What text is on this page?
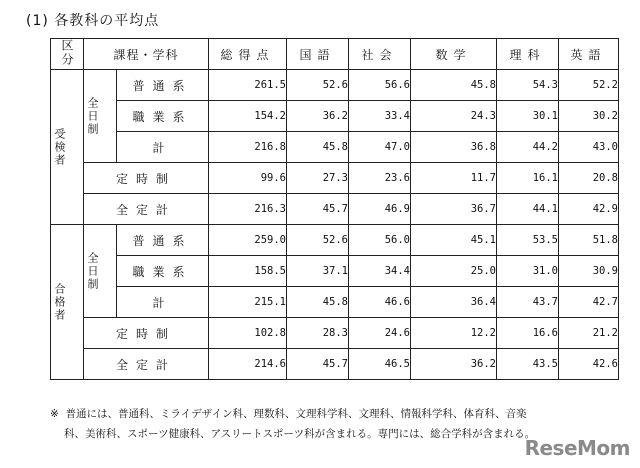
(1) 各教科の平均点
区分	課程・学科		総得点	国語	社会	数学	理科	英語

受検者	全日制	普通系	261.5	52.6	56.6	45.8	54.3	52.2
		職業系	154.2	36.2	33.4	24.3	30.1	30.2
		計	216.8	45.8	47.0	36.8	44.2	43.0
	定時制		99.6	27.3	23.6	11.7	16.1	20.8
	全定計		216.3	45.7	46.9	36.7	44.1	42.9

合格者	全日制	普通系	259.0	52.6	56.0	45.1	53.5	51.8
		職業系	158.5	37.1	34.4	25.0	31.0	30.9
		計	215.1	45.8	46.6	36.4	43.7	42.7
	定時制		102.8	28.3	24.6	12.2	16.6	21.2
	全定計		214.6	45.7	46.5	36.2	43.5	42.6
※ 普通には、普通科、ミライデザイン科、理数科、文理科学科、文理科、情報科学科、体育科、音楽
科、美術科、スポーツ健康科、アスリートスポーツ科が含まれる。専門には、総合学科が含まれる。
ReseMom
